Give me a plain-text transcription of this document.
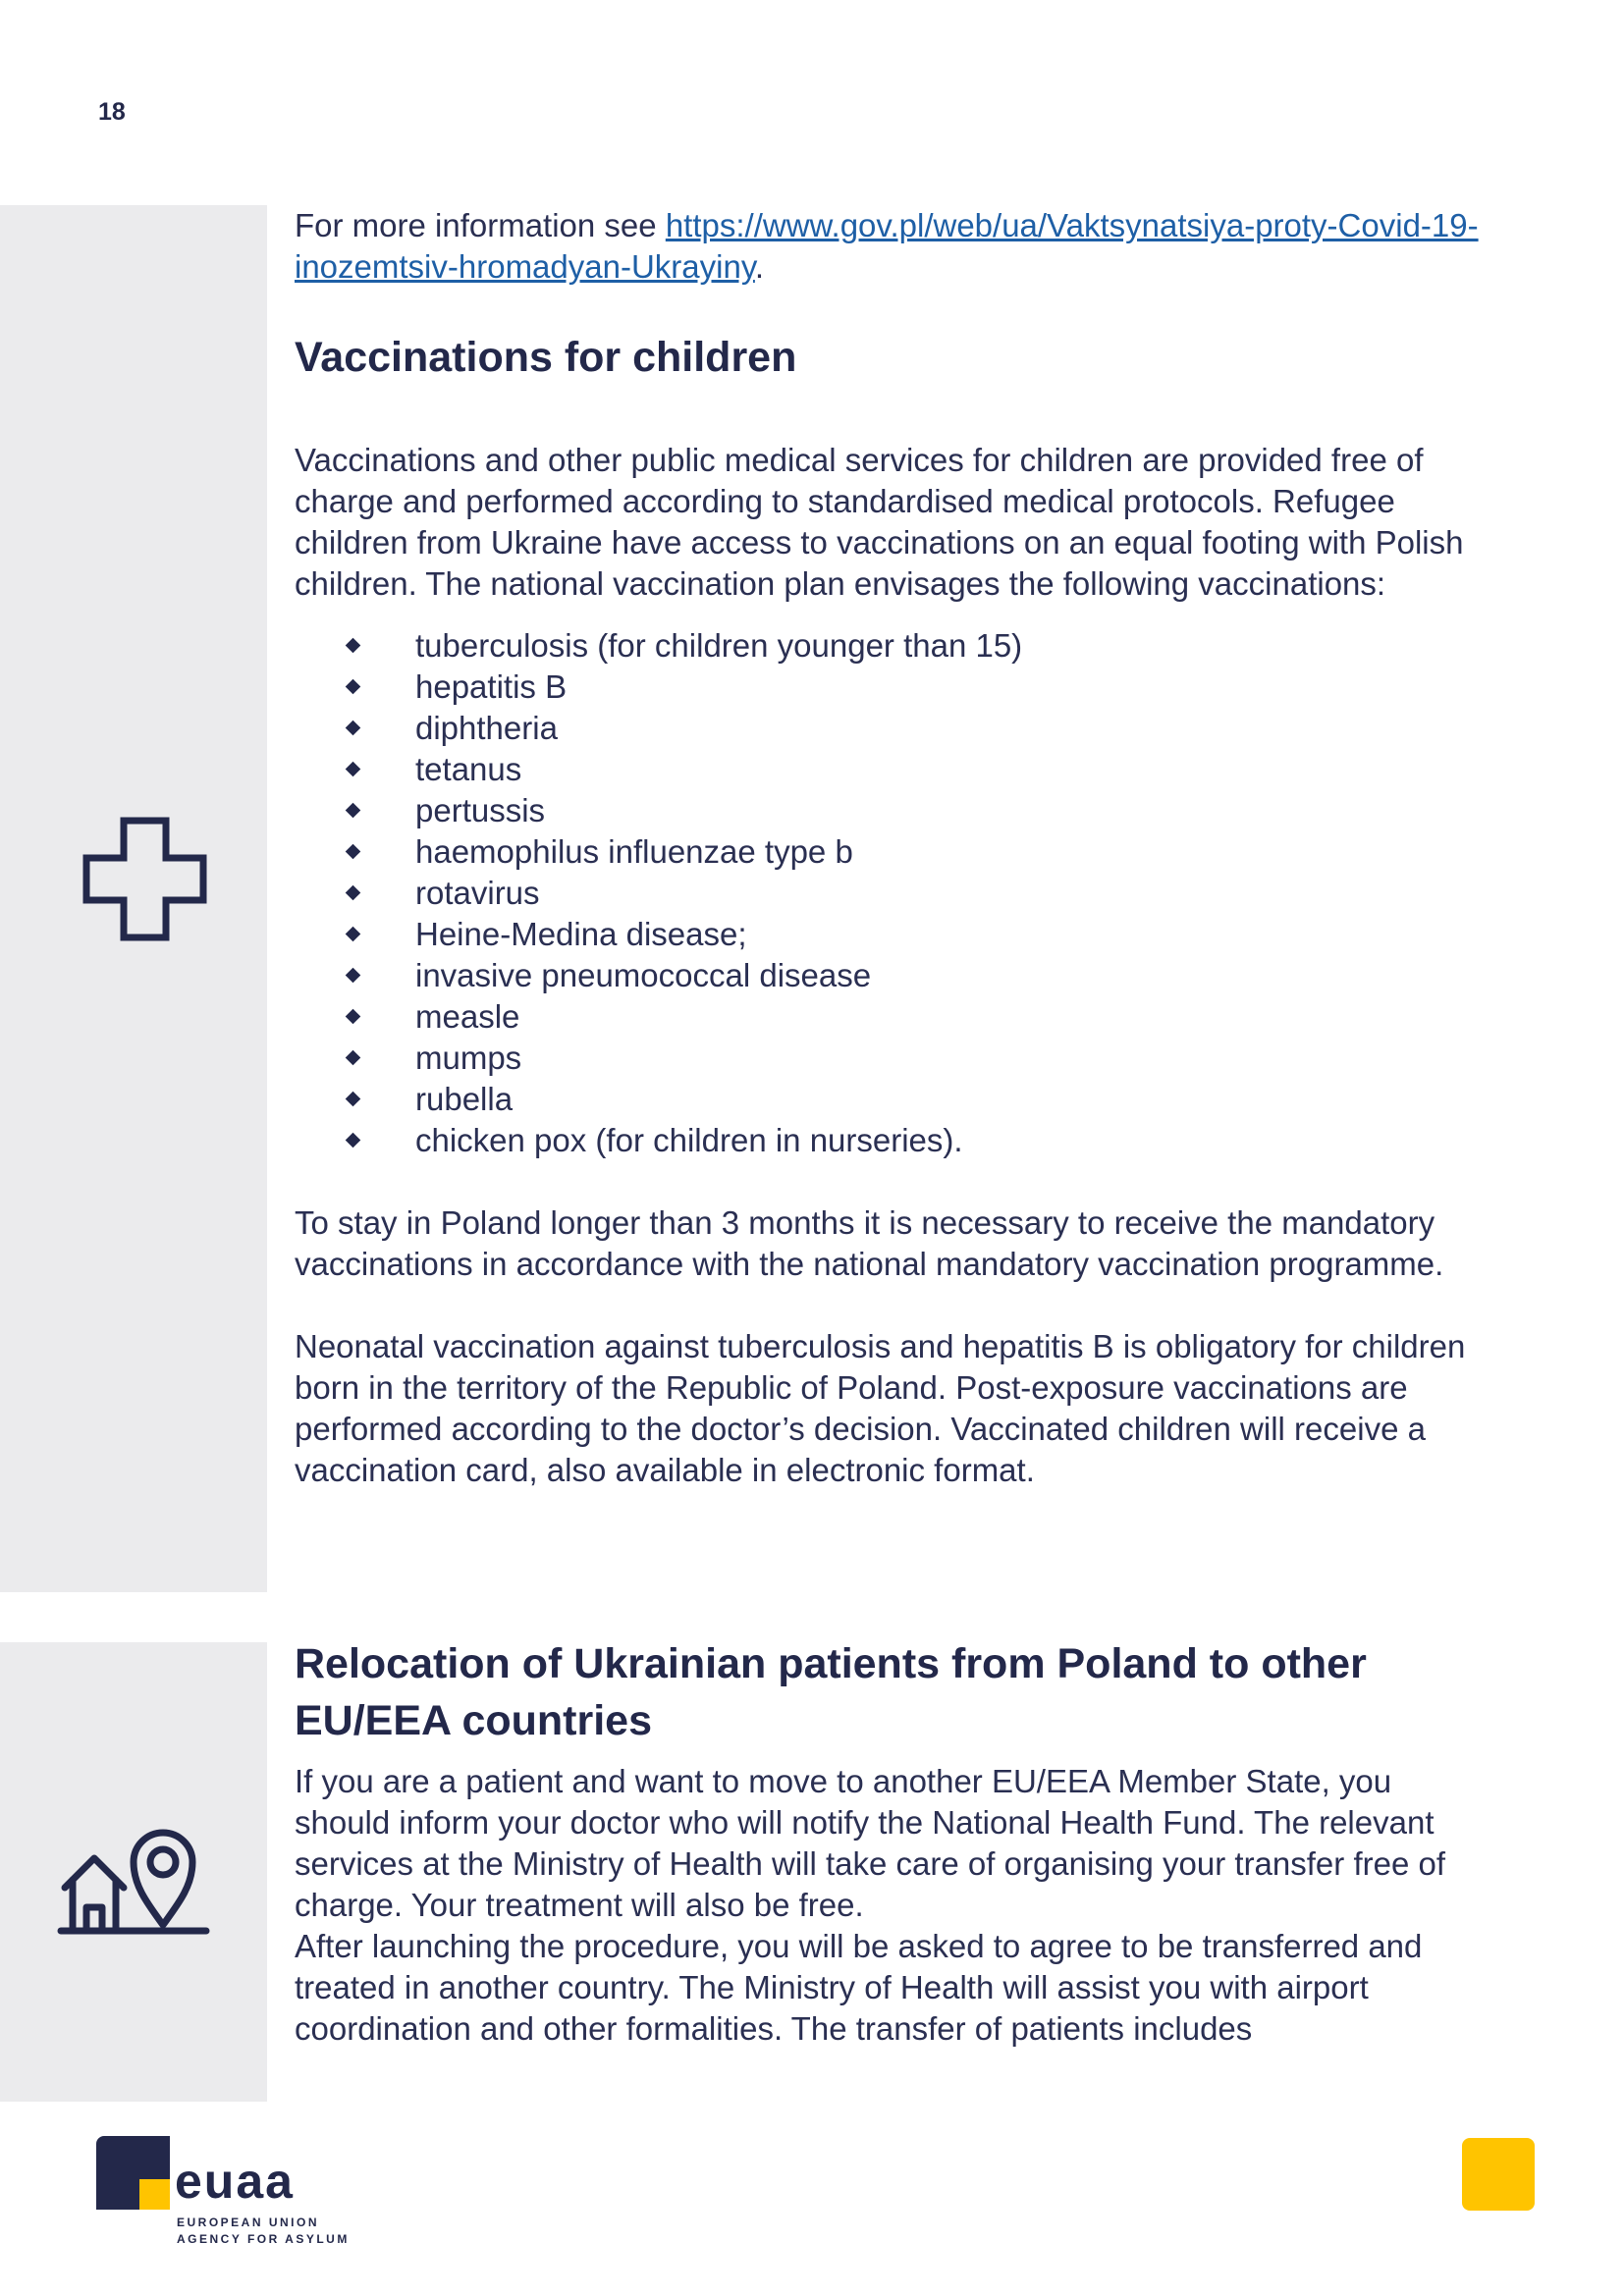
18

For more information see https://www.gov.pl/web/ua/Vaktsynatsiya-proty-Covid-19-inozemtsiv-hromadyan-Ukrayiny.

Vaccinations for children

Vaccinations and other public medical services for children are provided free of charge and performed according to standardised medical protocols. Refugee children from Ukraine have access to vaccinations on an equal footing with Polish children. The national vaccination plan envisages the following vaccinations:

tuberculosis (for children younger than 15)
hepatitis B
diphtheria
tetanus
pertussis
haemophilus influenzae type b
rotavirus
Heine-Medina disease;
invasive pneumococcal disease
measle
mumps
rubella
chicken pox (for children in nurseries).

To stay in Poland longer than 3 months it is necessary to receive the mandatory vaccinations in accordance with the national mandatory vaccination programme.

Neonatal vaccination against tuberculosis and hepatitis B is obligatory for children born in the territory of the Republic of Poland. Post-exposure vaccinations are performed according to the doctor’s decision. Vaccinated children will receive a vaccination card, also available in electronic format.

Relocation of Ukrainian patients from Poland to other EU/EEA countries

If you are a patient and want to move to another EU/EEA Member State, you should inform your doctor who will notify the National Health Fund. The relevant services at the Ministry of Health will take care of organising your transfer free of charge. Your treatment will also be free.

After launching the procedure, you will be asked to agree to be transferred and treated in another country. The Ministry of Health will assist you with airport coordination and other formalities. The transfer of patients includes

euaa
EUROPEAN UNION
AGENCY FOR ASYLUM
